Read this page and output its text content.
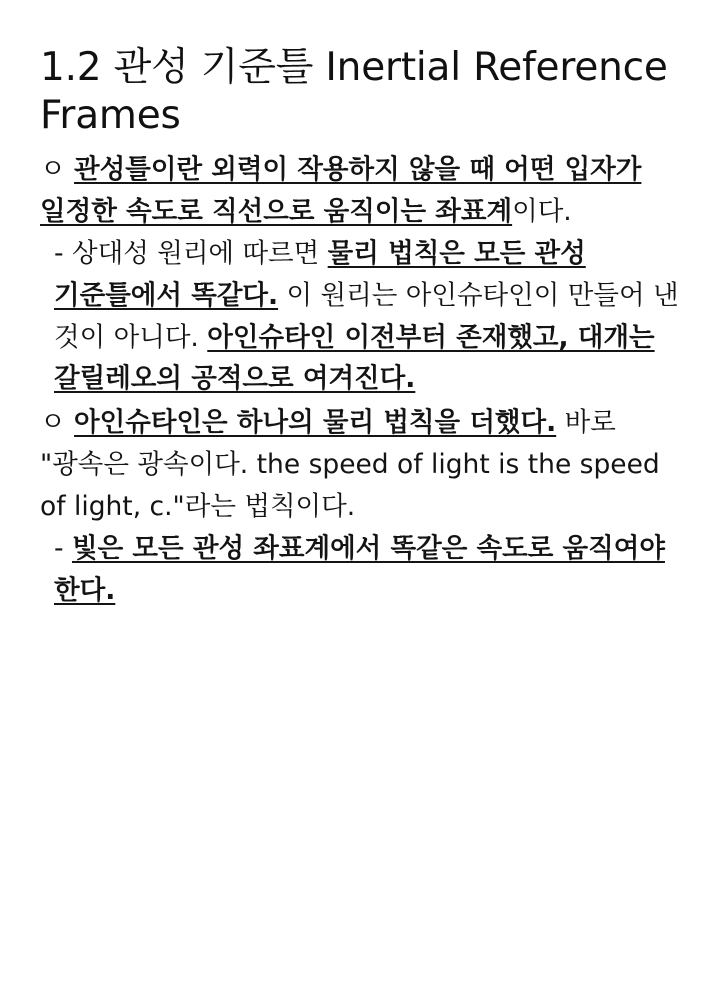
1.2 관성 기준틀 Inertial Reference Frames

ㅇ 관성틀이란 외력이 작용하지 않을 때 어떤 입자가 일정한 속도로 직선으로 움직이는 좌표계이다.

- 상대성 원리에 따르면 물리 법칙은 모든 관성 기준틀에서 똑같다. 이 원리는 아인슈타인이 만들어 낸 것이 아니다. 아인슈타인 이전부터 존재했고, 대개는 갈릴레오의 공적으로 여겨진다.

ㅇ 아인슈타인은 하나의 물리 법칙을 더했다. 바로 "광속은 광속이다. the speed of light is the speed of light, c."라는 법칙이다.

- 빛은 모든 관성 좌표계에서 똑같은 속도로 움직여야 한다.
